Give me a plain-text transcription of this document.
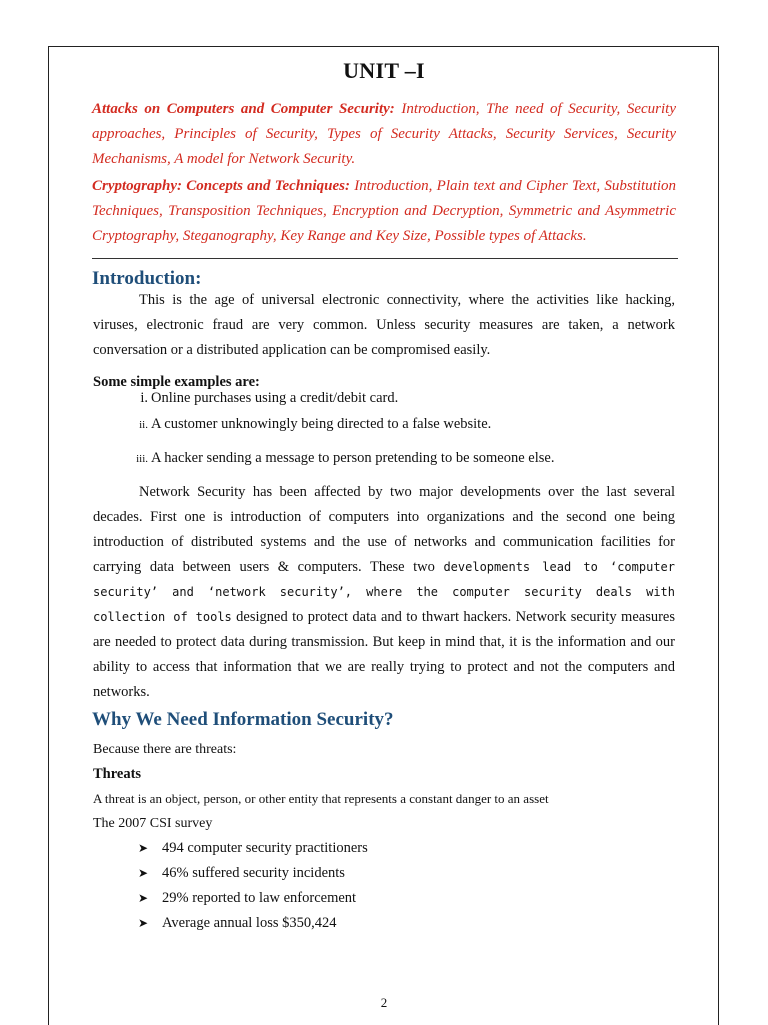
UNIT –I

Attacks on Computers and Computer Security: Introduction, The need of Security, Security approaches, Principles of Security, Types of Security Attacks, Security Services, Security Mechanisms, A model for Network Security.

Cryptography: Concepts and Techniques: Introduction, Plain text and Cipher Text, Substitution Techniques, Transposition Techniques, Encryption and Decryption, Symmetric and Asymmetric Cryptography, Steganography, Key Range and Key Size, Possible types of Attacks.

Introduction:

This is the age of universal electronic connectivity, where the activities like hacking, viruses, electronic fraud are very common. Unless security measures are taken, a network conversation or a distributed application can be compromised easily.

Some simple examples are:
i. Online purchases using a credit/debit card.
ii. A customer unknowingly being directed to a false website.
iii. A hacker sending a message to person pretending to be someone else.

Network Security has been affected by two major developments over the last several decades. First one is introduction of computers into organizations and the second one being introduction of distributed systems and the use of networks and communication facilities for carrying data between users & computers. These two developments lead to ‘computer security’ and ‘network security’, where the computer security deals with collection of tools designed to protect data and to thwart hackers. Network security measures are needed to protect data during transmission. But keep in mind that, it is the information and our ability to access that information that we are really trying to protect and not the computers and networks.

Why We Need Information Security?
Because there are threats:
Threats
A threat is an object, person, or other entity that represents a constant danger to an asset
The 2007 CSI survey
➤ 494 computer security practitioners
➤ 46% suffered security incidents
➤ 29% reported to law enforcement
➤ Average annual loss $350,424
2
